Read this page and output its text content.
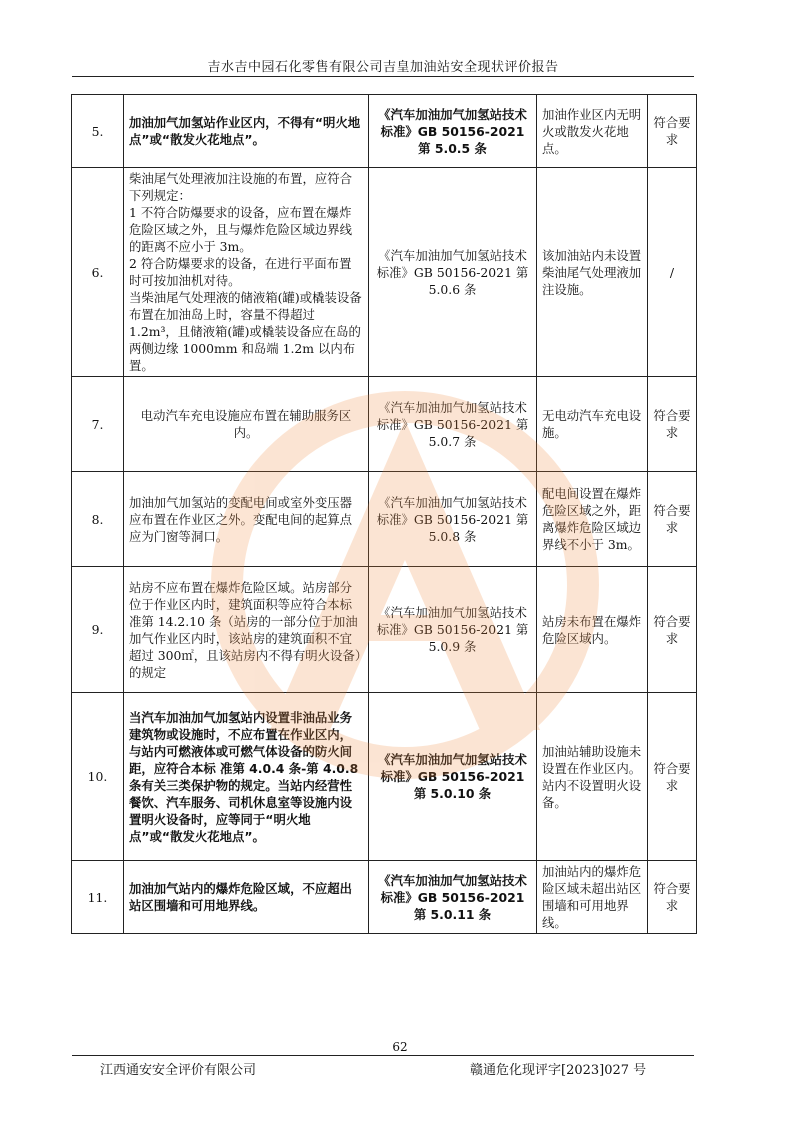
吉水吉中园石化零售有限公司吉皇加油站安全现状评价报告
5.	加油加气加氢站作业区内，不得有“明火地点”或“散发火花地点”。	《汽车加油加气加氢站技术标准》GB 50156-2021 第 5.0.5 条	加油作业区内无明火或散发火花地点。	符合要求
6.	柴油尾气处理液加注设施的布置，应符合下列规定：
1 不符合防爆要求的设备，应布置在爆炸危险区域之外，且与爆炸危险区域边界线的距离不应小于 3m。
2 符合防爆要求的设备，在进行平面布置时可按加油机对待。
当柴油尾气处理液的储液箱(罐)或橇装设备布置在加油岛上时，容量不得超过 1.2m³，且储液箱(罐)或橇装设备应在岛的 两侧边缘 1000mm 和岛端 1.2m 以内布置。	《汽车加油加气加氢站技术标准》GB 50156-2021 第 5.0.6 条	该加油站内未设置柴油尾气处理液加注设施。	/
7.	电动汽车充电设施应布置在辅助服务区内。	《汽车加油加气加氢站技术标准》GB 50156-2021 第 5.0.7 条	无电动汽车充电设施。	符合要求
8.	加油加气加氢站的变配电间或室外变压器应布置在作业区之外。变配电间的起算点应为门窗等洞口。	《汽车加油加气加氢站技术标准》GB 50156-2021 第 5.0.8 条	配电间设置在爆炸危险区域之外，距离爆炸危险区域边界线不小于 3m。	符合要求
9.	站房不应布置在爆炸危险区域。站房部分位于作业区内时，建筑面积等应符合本标准第 14.2.10 条（站房的一部分位于加油加气作业区内时，该站房的建筑面积不宜超过 300㎡，且该站房内不得有明火设备）的规定	《汽车加油加气加氢站技术标准》GB 50156-2021 第 5.0.9 条	站房未布置在爆炸危险区域内。	符合要求
10.	当汽车加油加气加氢站内设置非油品业务建筑物或设施时，不应布置在作业区内，与站内可燃液体或可燃气体设备的防火间距，应符合本标 准第 4.0.4 条-第 4.0.8 条有关三类保护物的规定。当站内经营性餐饮、汽车服务、司机休息室等设施内设置明火设备时，应等同于“明火地点”或“散发火花地点”。	《汽车加油加气加氢站技术标准》GB 50156-2021 第 5.0.10 条	加油站辅助设施未设置在作业区内。站内不设置明火设备。	符合要求
11.	加油加气站内的爆炸危险区域，不应超出站区围墙和可用地界线。	《汽车加油加气加氢站技术标准》GB 50156-2021 第 5.0.11 条	加油站内的爆炸危险区域未超出站区围墙和可用地界线。	符合要求
62
江西通安安全评价有限公司	赣通危化现评字[2023]027 号
